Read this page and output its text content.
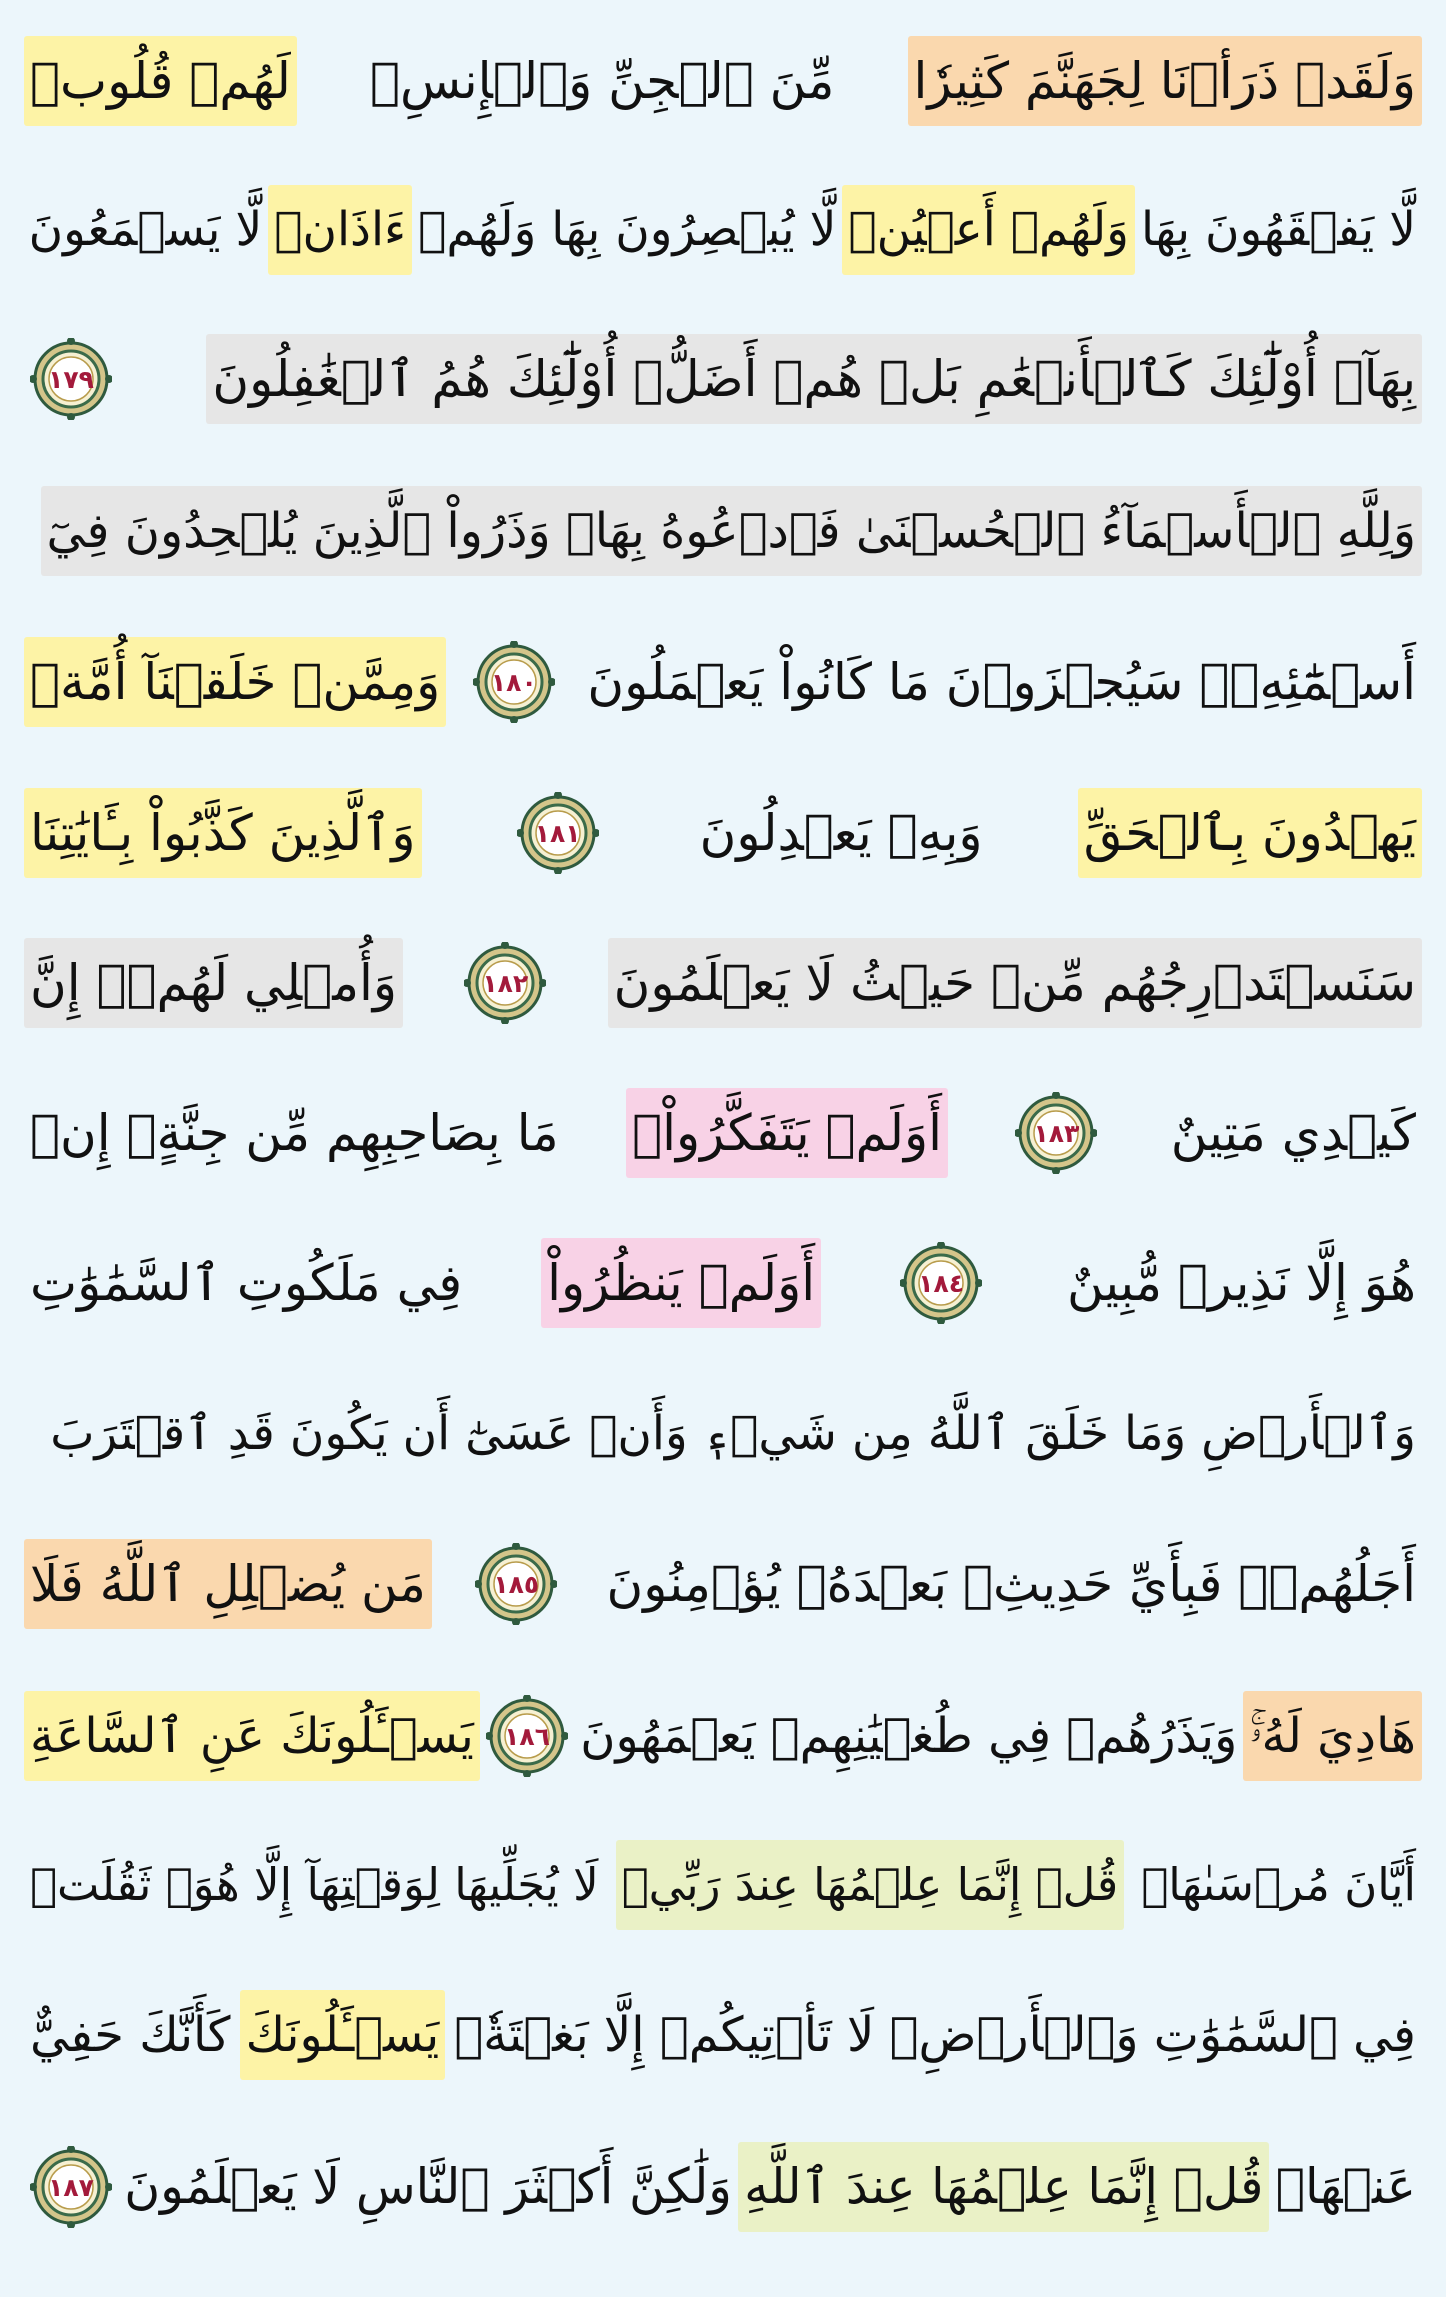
وَلَقَدۡ ذَرَأۡنَا لِجَهَنَّمَ كَثِيرٗا
مِّنَ ٱلۡجِنِّ وَٱلۡإِنسِۖ
لَهُمۡ قُلُوبٞ
لَّا يَفۡقَهُونَ بِهَا
وَلَهُمۡ أَعۡيُنٞ
لَّا يُبۡصِرُونَ بِهَا وَلَهُمۡ
ءَاذَانٞ
لَّا يَسۡمَعُونَ
بِهَآۚ أُوْلَٰٓئِكَ كَٱلۡأَنۡعَٰمِ بَلۡ هُمۡ أَضَلُّۚ أُوْلَٰٓئِكَ هُمُ ٱلۡغَٰفِلُونَ
١٧٩
وَلِلَّهِ ٱلۡأَسۡمَآءُ ٱلۡحُسۡنَىٰ فَٱدۡعُوهُ بِهَاۖ وَذَرُواْ ٱلَّذِينَ يُلۡحِدُونَ فِيٓ
أَسۡمَٰٓئِهِۦۚ سَيُجۡزَوۡنَ مَا كَانُواْ يَعۡمَلُونَ
١٨٠
وَمِمَّنۡ خَلَقۡنَآ أُمَّةٞ
يَهۡدُونَ بِٱلۡحَقِّ
وَبِهِۦ يَعۡدِلُونَ
١٨١
وَٱلَّذِينَ كَذَّبُواْ بِـَٔايَٰتِنَا
سَنَسۡتَدۡرِجُهُم مِّنۡ حَيۡثُ لَا يَعۡلَمُونَ
١٨٢
وَأُمۡلِي لَهُمۡۚ إِنَّ
كَيۡدِي مَتِينٌ
١٨٣
أَوَلَمۡ يَتَفَكَّرُواْۗ
مَا بِصَاحِبِهِم مِّن جِنَّةٍۚ إِنۡ
هُوَ إِلَّا نَذِيرٞ مُّبِينٌ
١٨٤
أَوَلَمۡ يَنظُرُواْ
فِي مَلَكُوتِ ٱلسَّمَٰوَٰتِ
وَٱلۡأَرۡضِ وَمَا خَلَقَ ٱللَّهُ مِن شَيۡءٖ وَأَنۡ عَسَىٰٓ أَن يَكُونَ قَدِ ٱقۡتَرَبَ
أَجَلُهُمۡۖ فَبِأَيِّ حَدِيثِۭ بَعۡدَهُۥ يُؤۡمِنُونَ
١٨٥
مَن يُضۡلِلِ ٱللَّهُ فَلَا
هَادِيَ لَهُۥۚ
وَيَذَرُهُمۡ فِي طُغۡيَٰنِهِمۡ يَعۡمَهُونَ
١٨٦
يَسۡـَٔلُونَكَ عَنِ ٱلسَّاعَةِ
أَيَّانَ مُرۡسَىٰهَاۖ
قُلۡ إِنَّمَا عِلۡمُهَا عِندَ رَبِّيۖ
لَا يُجَلِّيهَا لِوَقۡتِهَآ إِلَّا هُوَۚ ثَقُلَتۡ
فِي ٱلسَّمَٰوَٰتِ وَٱلۡأَرۡضِۚ لَا تَأۡتِيكُمۡ إِلَّا بَغۡتَةٗۗ
يَسۡـَٔلُونَكَ
كَأَنَّكَ حَفِيٌّ
عَنۡهَاۖ
قُلۡ إِنَّمَا عِلۡمُهَا عِندَ ٱللَّهِ
وَلَٰكِنَّ أَكۡثَرَ ٱلنَّاسِ لَا يَعۡلَمُونَ
١٨٧
